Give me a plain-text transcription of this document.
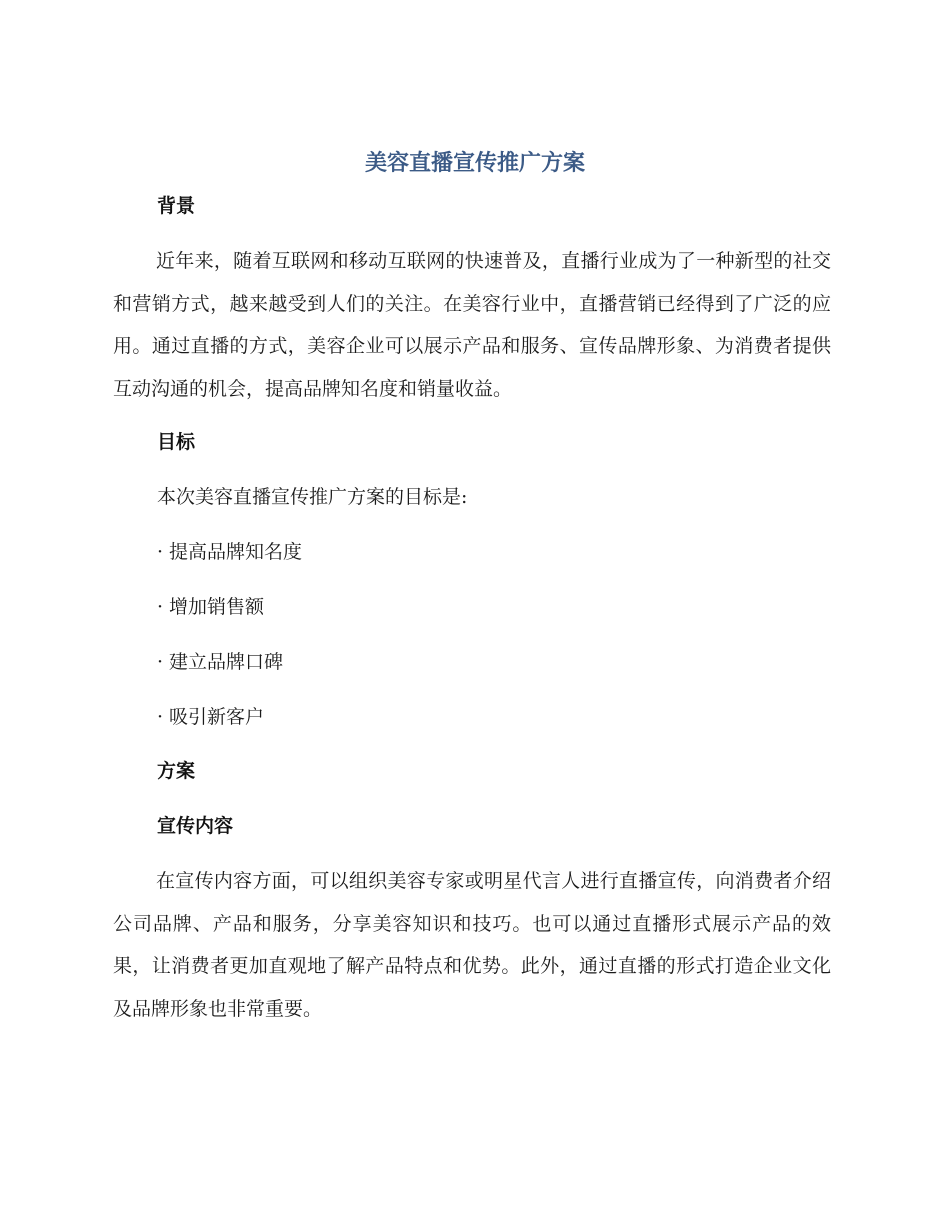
美容直播宣传推广方案
背景

近年来，随着互联网和移动互联网的快速普及，直播行业成为了一种新型的社交和营销方式，越来越受到人们的关注。在美容行业中，直播营销已经得到了广泛的应用。通过直播的方式，美容企业可以展示产品和服务、宣传品牌形象、为消费者提供互动沟通的机会，提高品牌知名度和销量收益。

目标

本次美容直播宣传推广方案的目标是:

· 提高品牌知名度
· 增加销售额
· 建立品牌口碑
· 吸引新客户
方案
宣传内容

在宣传内容方面，可以组织美容专家或明星代言人进行直播宣传，向消费者介绍公司品牌、产品和服务，分享美容知识和技巧。也可以通过直播形式展示产品的效果，让消费者更加直观地了解产品特点和优势。此外，通过直播的形式打造企业文化及品牌形象也非常重要。
